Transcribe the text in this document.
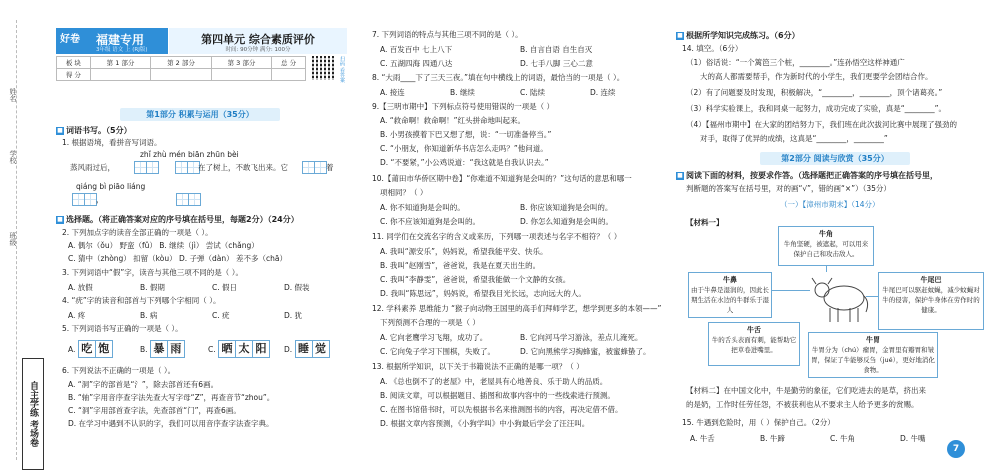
姓名
学校
班级
自主学练 考场卷
好卷	福建专用
3年级 语文 上 (RJ版)
第四单元 综合素质评价
时间: 90分钟 满分: 100分
板 块	第 1 部分	第 2 部分	第 3 部分	总 分
得 分					扫码 看答案
第1部分 积累与运用（35分）
■ 词语书写。（5分）
1. 根据语境，看拼音写词语。
zhǐ zhù mén biān zhūn bèi
蒸风雨过后，	在了树上，不敢飞出来。它	着
qiáng bì piāo liáng
，
■ 选择题。（将正确答案对应的序号填在括号里，每题2分）（24分）
2. 下列加点字的读音全部正确的一项是（ ）。
A. 偶尔（ǒu） 野蛮（fǔ） B. 继续（jì） 尝试（chǎng）
C. 猜中（zhòng） 扣留（kòu） D. 子弹（dàn） 差不多（chā）
3. 下列词语中“假”字，读音与其他三项不同的是（ ）。
A. 放假	B. 假期	C. 假日	D. 假装
4. “疣”字的读音和部首与下列哪个字相同（ ）。
A. 疼	B. 病	C. 疣	D. 犹
5. 下列词语书写正确的一项是（ ）。
A. 吃 饱	B. 暴 雨	C. 晒 太 阳	D. 睡 觉
6. 下列说法不正确的一项是（ ）。
A. “洞”字的部首是“氵”，除去部首还有6画。
B. “轴”字用音序查字法先查大写字母“Z”，再查音节“zhou”。
C. “洞”字用部首查字法，先查部首“门”，再查6画。
D. 在学习中遇到不认识的字，我们可以用音序查字法查字典。
7. 下列词语的特点与其他三项不同的是（ ）。
A. 百发百中 七上八下	B. 自言自语 自生自灭
C. 五湖四海 四通八达	D. 七手八脚 三心二意
8. “大雨____下了三天三夜。”填在句中横线上的词语，最恰当的一项是（ ）。
A. 接连	B. 继续	C. 陆续	D. 连续
9.【三明市期中】下列标点符号使用错误的一项是（ ）
A. “救命啊！救命啊！”红头拼命地叫起来。
B. 小男孩摸着下巴又想了想，说：“一切准备停当。”
C. “小朋友，你知道新华书店怎么走吗？”他问道。
D. “不要紧，”小公鸡说道：“我这就是自我认识去。”
10.【莆田市华侨区期中卷】“你难道不知道狗是会叫的？”这句话的意思和哪一
项相同？（ ）
A. 你不知道狗是会叫的。	B. 你应该知道狗是会叫的。
C. 你不应该知道狗是会叫的。	D. 你怎么知道狗是会叫的。
11. 同学们在交流名字的含义或来历，下列哪一项表述与名字不相符？（ ）
A. 我叫“源安乐”，妈妈说，希望我能平安、快乐。
B. 我叫“赵刚雪”，爸爸说，我是在夏天出生的。
C. 我叫“李静雯”，爸爸说，希望我能做一个文静的女孩。
D. 我叫“陈思远”，妈妈说，希望我目光长远，志向远大的人。
12. 学科素养 思维能力 “猴子向动物王国里的高手们拜师学艺，想学到更多的本领——”
下列预测不合理的一项是（ ）
A. 它向老鹰学习飞翔，成功了。	B. 它向河马学习游泳，差点儿淹死。
C. 它向兔子学习下围棋，失败了。	D. 它向黑熊学习掏蜂蜜，被蜜蜂蛰了。
13. 根据所学知识，以下关于书籍说法不正确的是哪一项？（ ）
A. 《总也倒不了的老屋》中，老屋具有心地善良、乐于助人的品质。
B. 阅读文章，可以根据题目、插图和故事内容中的一些线索进行预测。
C. 在图书馆借书时，可以先根据书名来推测图书的内容，再决定借不借。
D. 根据文章内容预测，《小狗学叫》中小狗最后学会了汪汪叫。
■ 根据所学知识完成练习。（6分）
14. 填空。（6分）
（1）俗话说：“一个篱笆三个桩，________。”连孙悟空这样神通广
大的高人都需要帮手，作为新时代的小学生，我们更要学会团结合作。
（2）有了问题要及时发现，积极解决，“________，________，顶个诸葛亮。”
（3）科学实验课上，我和同桌一起努力，成功完成了实验，真是“________”。
（4）【福州市期中】在大家的团结努力下，我们班在此次拔河比赛中展现了强劲的
对手，取得了优异的成绩，这真是“________，________”
第2部分 阅读与欣赏（35分）
■ 阅读下面的材料，按要求作答。（选择题把正确答案的序号填在括号里，
判断题的答案写在括号里，对的画“√”，错的画“×”）（35分）
（一）【漳州市期末】（14分）
【材料一】
牛角
牛角坚硬，被遮起，可以用来保护自己和攻击敌人。
牛鼻
由于牛鼻是湿润的，因此长期生活在水边的牛群乐于湿人
牛尾巴
牛尾巴可以驱赶蚊蝇，减少蚊蝇对牛的侵害，保护牛身体在劳作时的健康。
牛舌
牛的舌头表面有刺，能帮助它把草卷进嘴里。
牛胃
牛胃分为（chú）瘤胃，金胃里有瓣胃和皱胃，保证了牛能够反刍（jué），更好地消化食物。
【材料二】在中国文化中，牛是勤劳的象征，它们吃进去的是草，挤出来
的是奶，工作时任劳任怨，不被获利也从不要求主人给予更多的赏赐。
15. 牛遇到危险时，用（ ）保护自己。（2分）
A. 牛舌	B. 牛蹄	C. 牛角	D. 牛嘴
7
